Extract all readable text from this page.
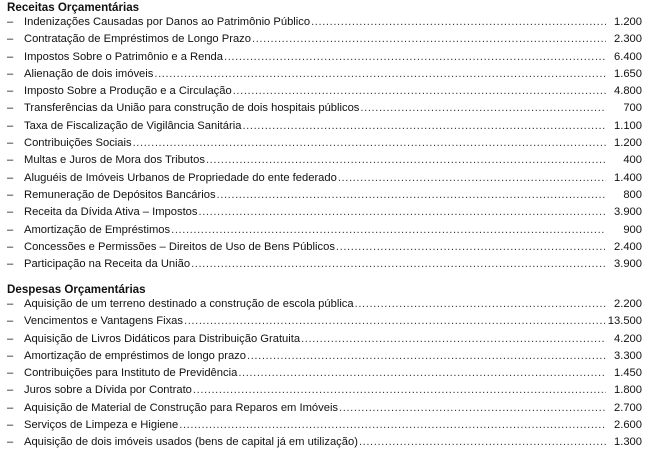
Receitas Orçamentárias
– Indenizações Causadas por Danos ao Patrimônio Público .....	1.200
– Contratação de Empréstimos de Longo Prazo .....	2.300
– Impostos Sobre o Patrimônio e a Renda .....	6.400
– Alienação de dois imóveis .....	1.650
– Imposto Sobre a Produção e a Circulação .....	4.800
– Transferências da União para construção de dois hospitais públicos .....	700
– Taxa de Fiscalização de Vigilância Sanitária .....	1.100
– Contribuições Sociais .....	1.200
– Multas e Juros de Mora dos Tributos .....	400
– Aluguéis de Imóveis Urbanos de Propriedade do ente federado .....	1.400
– Remuneração de Depósitos Bancários .....	800
– Receita da Dívida Ativa – Impostos .....	3.900
– Amortização de Empréstimos .....	900
– Concessões e Permissões – Direitos de Uso de Bens Públicos .....	2.400
– Participação na Receita da União .....	3.900
Despesas Orçamentárias
– Aquisição de um terreno destinado a construção de escola pública .....	2.200
– Vencimentos e Vantagens Fixas .....	13.500
– Aquisição de Livros Didáticos para Distribuição Gratuita .....	4.200
– Amortização de empréstimos de longo prazo .....	3.300
– Contribuições para Instituto de Previdência .....	1.450
– Juros sobre a Dívida por Contrato .....	1.800
– Aquisição de Material de Construção para Reparos em Imóveis .....	2.700
– Serviços de Limpeza e Higiene .....	2.600
– Aquisição de dois imóveis usados (bens de capital já em utilização) .....	1.300
